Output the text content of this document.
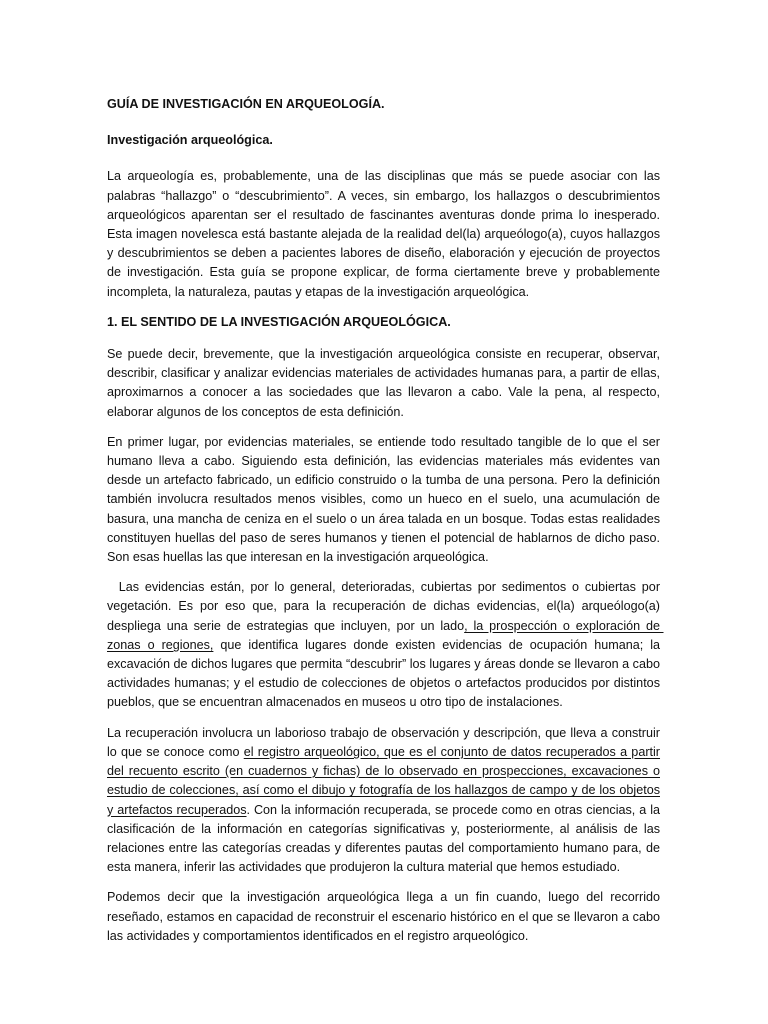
GUÍA DE INVESTIGACIÓN EN ARQUEOLOGÍA.
Investigación arqueológica.

La arqueología es, probablemente, una de las disciplinas que más se puede asociar con las palabras “hallazgo” o “descubrimiento”. A veces, sin embargo, los hallazgos o descubrimientos arqueológicos aparentan ser el resultado de fascinantes aventuras donde prima lo inesperado. Esta imagen novelesca está bastante alejada de la realidad del(la) arqueólogo(a), cuyos hallazgos y descubrimientos se deben a pacientes labores de diseño, elaboración y ejecución de proyectos de investigación. Esta guía se propone explicar, de forma ciertamente breve y probablemente incompleta, la naturaleza, pautas y etapas de la investigación arqueológica.

1. EL SENTIDO DE LA INVESTIGACIÓN ARQUEOLÓGICA.

Se puede decir, brevemente, que la investigación arqueológica consiste en recuperar, observar, describir, clasificar y analizar evidencias materiales de actividades humanas para, a partir de ellas, aproximarnos a conocer a las sociedades que las llevaron a cabo. Vale la pena, al respecto, elaborar algunos de los conceptos de esta definición.

En primer lugar, por evidencias materiales, se entiende todo resultado tangible de lo que el ser humano lleva a cabo. Siguiendo esta definición, las evidencias materiales más evidentes van desde un artefacto fabricado, un edificio construido o la tumba de una persona. Pero la definición también involucra resultados menos visibles, como un hueco en el suelo, una acumulación de basura, una mancha de ceniza en el suelo o un área talada en un bosque. Todas estas realidades constituyen huellas del paso de seres humanos y tienen el potencial de hablarnos de dicho paso. Son esas huellas las que interesan en la investigación arqueológica.

Las evidencias están, por lo general, deterioradas, cubiertas por sedimentos o cubiertas por vegetación. Es por eso que, para la recuperación de dichas evidencias, el(la) arqueólogo(a) despliega una serie de estrategias que incluyen, por un lado, la prospección o exploración de zonas o regiones, que identifica lugares donde existen evidencias de ocupación humana; la excavación de dichos lugares que permita “descubrir” los lugares y áreas donde se llevaron a cabo actividades humanas; y el estudio de colecciones de objetos o artefactos producidos por distintos pueblos, que se encuentran almacenados en museos u otro tipo de instalaciones.

La recuperación involucra un laborioso trabajo de observación y descripción, que lleva a construir lo que se conoce como el registro arqueológico, que es el conjunto de datos recuperados a partir del recuento escrito (en cuadernos y fichas) de lo observado en prospecciones, excavaciones o estudio de colecciones, así como el dibujo y fotografía de los hallazgos de campo y de los objetos y artefactos recuperados. Con la información recuperada, se procede como en otras ciencias, a la clasificación de la información en categorías significativas y, posteriormente, al análisis de las relaciones entre las categorías creadas y diferentes pautas del comportamiento humano para, de esta manera, inferir las actividades que produjeron la cultura material que hemos estudiado.

Podemos decir que la investigación arqueológica llega a un fin cuando, luego del recorrido reseñado, estamos en capacidad de reconstruir el escenario histórico en el que se llevaron a cabo las actividades y comportamientos identificados en el registro arqueológico.
